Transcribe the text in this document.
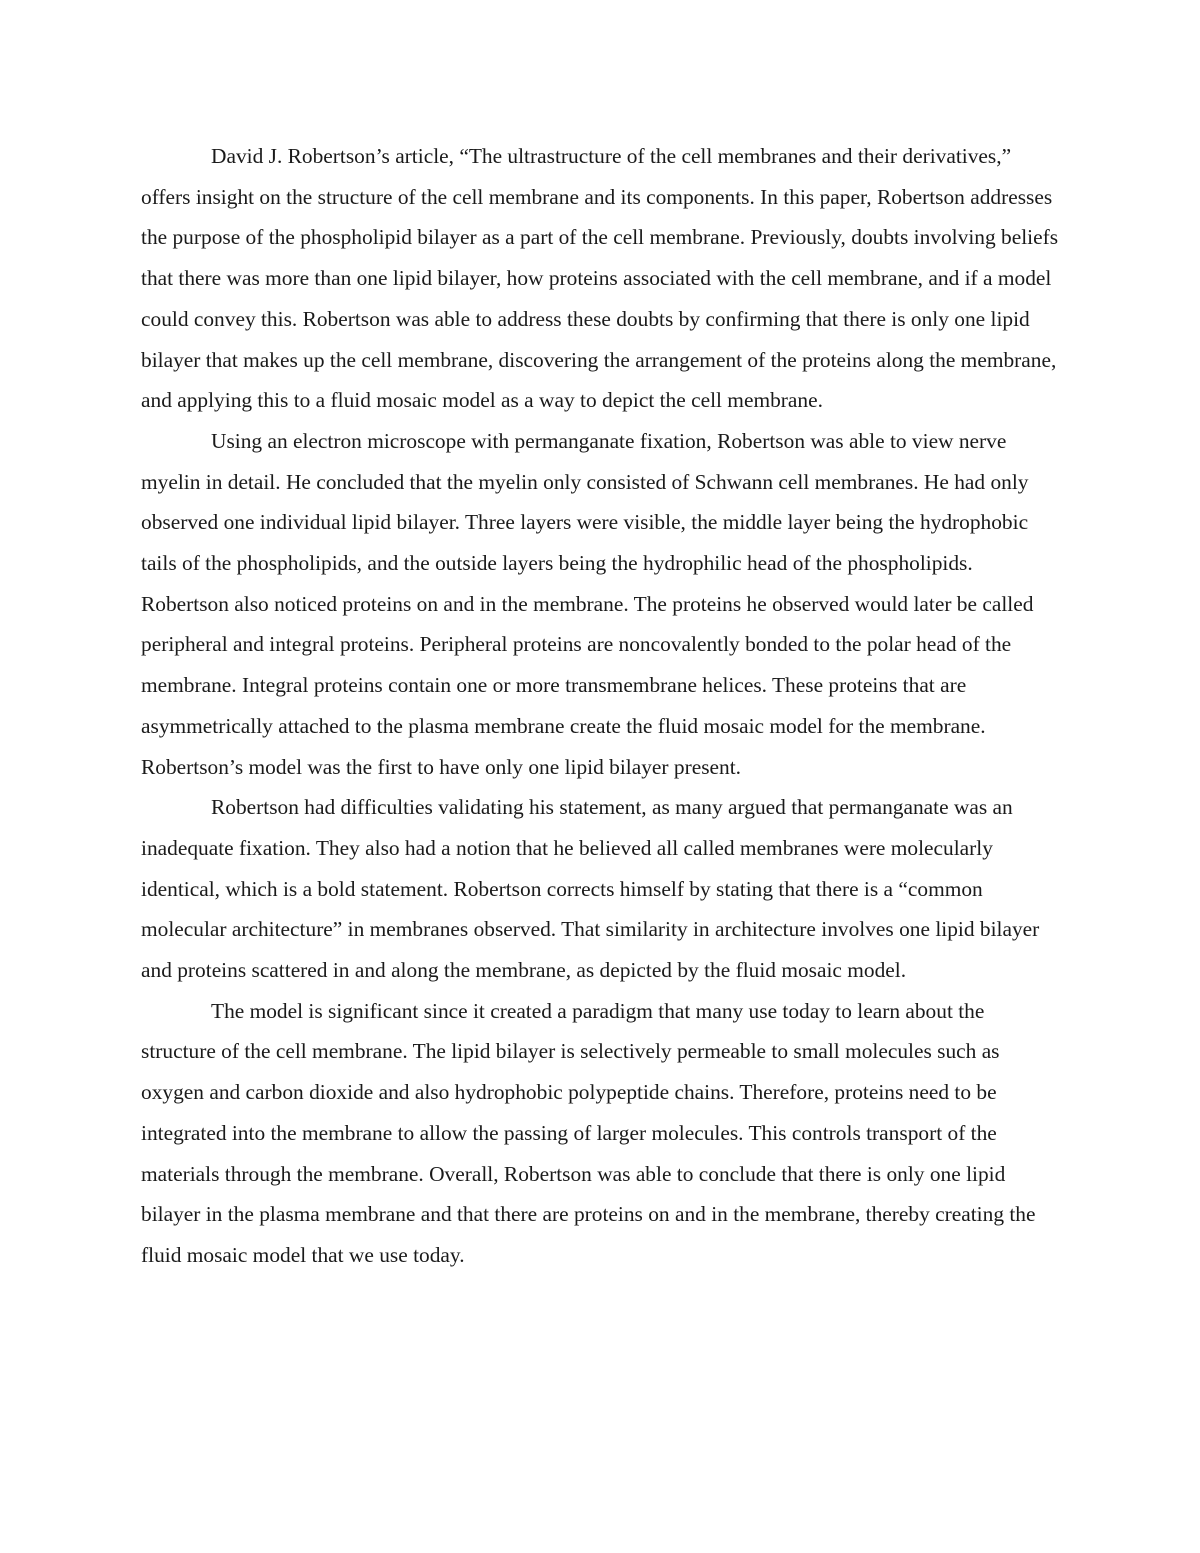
David J. Robertson’s article, “The ultrastructure of the cell membranes and their derivatives,” offers insight on the structure of the cell membrane and its components. In this paper, Robertson addresses the purpose of the phospholipid bilayer as a part of the cell membrane. Previously, doubts involving beliefs that there was more than one lipid bilayer, how proteins associated with the cell membrane, and if a model could convey this. Robertson was able to address these doubts by confirming that there is only one lipid bilayer that makes up the cell membrane, discovering the arrangement of the proteins along the membrane, and applying this to a fluid mosaic model as a way to depict the cell membrane.

Using an electron microscope with permanganate fixation, Robertson was able to view nerve myelin in detail. He concluded that the myelin only consisted of Schwann cell membranes. He had only observed one individual lipid bilayer. Three layers were visible, the middle layer being the hydrophobic tails of the phospholipids, and the outside layers being the hydrophilic head of the phospholipids. Robertson also noticed proteins on and in the membrane. The proteins he observed would later be called peripheral and integral proteins. Peripheral proteins are noncovalently bonded to the polar head of the membrane. Integral proteins contain one or more transmembrane helices. These proteins that are asymmetrically attached to the plasma membrane create the fluid mosaic model for the membrane. Robertson’s model was the first to have only one lipid bilayer present.

Robertson had difficulties validating his statement, as many argued that permanganate was an inadequate fixation. They also had a notion that he believed all called membranes were molecularly identical, which is a bold statement. Robertson corrects himself by stating that there is a “common molecular architecture” in membranes observed. That similarity in architecture involves one lipid bilayer and proteins scattered in and along the membrane, as depicted by the fluid mosaic model.

The model is significant since it created a paradigm that many use today to learn about the structure of the cell membrane. The lipid bilayer is selectively permeable to small molecules such as oxygen and carbon dioxide and also hydrophobic polypeptide chains. Therefore, proteins need to be integrated into the membrane to allow the passing of larger molecules. This controls transport of the materials through the membrane. Overall, Robertson was able to conclude that there is only one lipid bilayer in the plasma membrane and that there are proteins on and in the membrane, thereby creating the fluid mosaic model that we use today.
